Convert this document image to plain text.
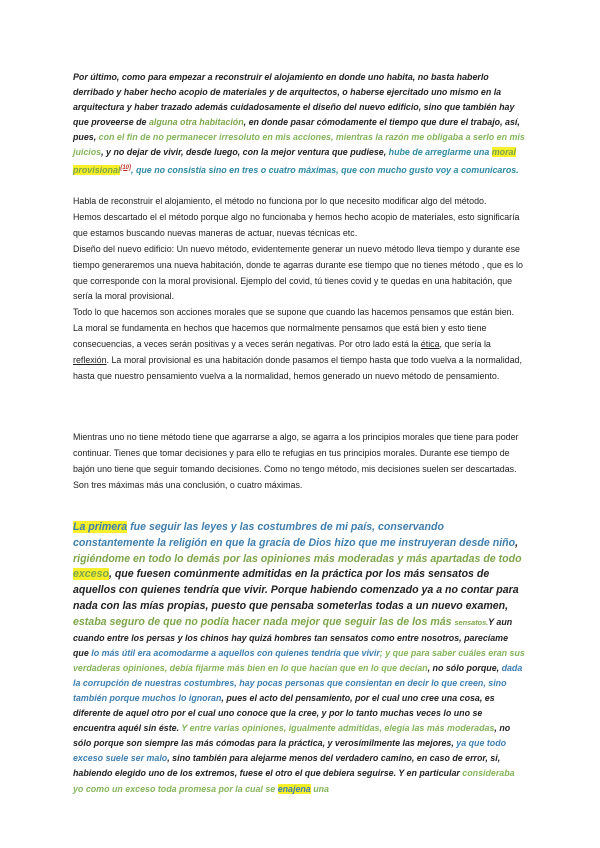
Por último, como para empezar a reconstruir el alojamiento en donde uno habita, no basta haberlo derribado y haber hecho acopio de materiales y de arquitectos, o haberse ejercitado uno mismo en la arquitectura y haber trazado además cuidadosamente el diseño del nuevo edificio, sino que también hay que proveerse de alguna otra habitación, en donde pasar cómodamente el tiempo que dure el trabajo, así, pues, con el fin de no permanecer irresoluto en mis acciones, mientras la razón me obligaba a serlo en mis juicios, y no dejar de vivir, desde luego, con la mejor ventura que pudiese, hube de arreglarme una moral provisional[10], que no consistía sino en tres o cuatro máximas, que con mucho gusto voy a comunicaros.

Habla de reconstruir el alojamiento, el método no funciona por lo que necesito modificar algo del método.
Hemos descartado el el método porque algo no funcionaba y hemos hecho acopio de materiales, esto significaría que estamos buscando nuevas maneras de actuar, nuevas técnicas etc.
Diseño del nuevo edificio: Un nuevo método, evidentemente generar un nuevo método lleva tiempo y durante ese tiempo generaremos una nueva habitación, donde te agarras durante ese tiempo que no tienes método , que es lo que corresponde con la moral provisional. Ejemplo del covid, tú tienes covid y te quedas en una habitación, que sería la moral provisional.
Todo lo que hacemos son acciones morales que se supone que cuando las hacemos pensamos que están bien. La moral se fundamenta en hechos que hacemos que normalmente pensamos que está bien y esto tiene consecuencias, a veces serán positivas y a veces serán negativas. Por otro lado está la ética, que sería la reflexión. La moral provisional es una habitación donde pasamos el tiempo hasta que todo vuelva a la normalidad, hasta que nuestro pensamiento vuelva a la normalidad, hemos generado un nuevo método de pensamiento.
Mientras uno no tiene método tiene que agarrarse a algo, se agarra a los principios morales que tiene para poder continuar. Tienes que tomar decisiones y para ello te refugias en tus principios morales. Durante ese tiempo de bajón uno tiene que seguir tomando decisiones. Como no tengo método, mis decisiones suelen ser descartadas.
Son tres máximas más una conclusión, o cuatro máximas.

La primera fue seguir las leyes y las costumbres de mi país, conservando constantemente la religión en que la gracia de Dios hizo que me instruyeran desde niño, rigiéndome en todo lo demás por las opiniones más moderadas y más apartadas de todo exceso, que fuesen comúnmente admitidas en la práctica por los más sensatos de aquellos con quienes tendría que vivir. Porque habiendo comenzado ya a no contar para nada con las mías propias, puesto que pensaba someterlas todas a un nuevo examen, estaba seguro de que no podía hacer nada mejor que seguir las de los más sensatos.Y aun cuando entre los persas y los chinos hay quizá hombres tan sensatos como entre nosotros, parecíame que lo más útil era acomodarme a aquellos con quienes tendría que vivir; y que para saber cuáles eran sus verdaderas opiniones, debía fijarme más bien en lo que hacían que en lo que decían, no sólo porque, dada la corrupción de nuestras costumbres, hay pocas personas que consientan en decir lo que creen, sino también porque muchos lo ignoran, pues el acto del pensamiento, por el cual uno cree una cosa, es diferente de aquel otro por el cual uno conoce que la cree, y por lo tanto muchas veces lo uno se encuentra aquél sin éste. Y entre varias opiniones, igualmente admitidas, elegía las más moderadas, no sólo porque son siempre las más cómodas para la práctica, y verosímilmente las mejores, ya que todo exceso suele ser malo, sino también para alejarme menos del verdadero camino, en caso de error, si, habiendo elegido uno de los extremos, fuese el otro el que debiera seguirse. Y en particular consideraba yo como un exceso toda promesa por la cual se enajena una
